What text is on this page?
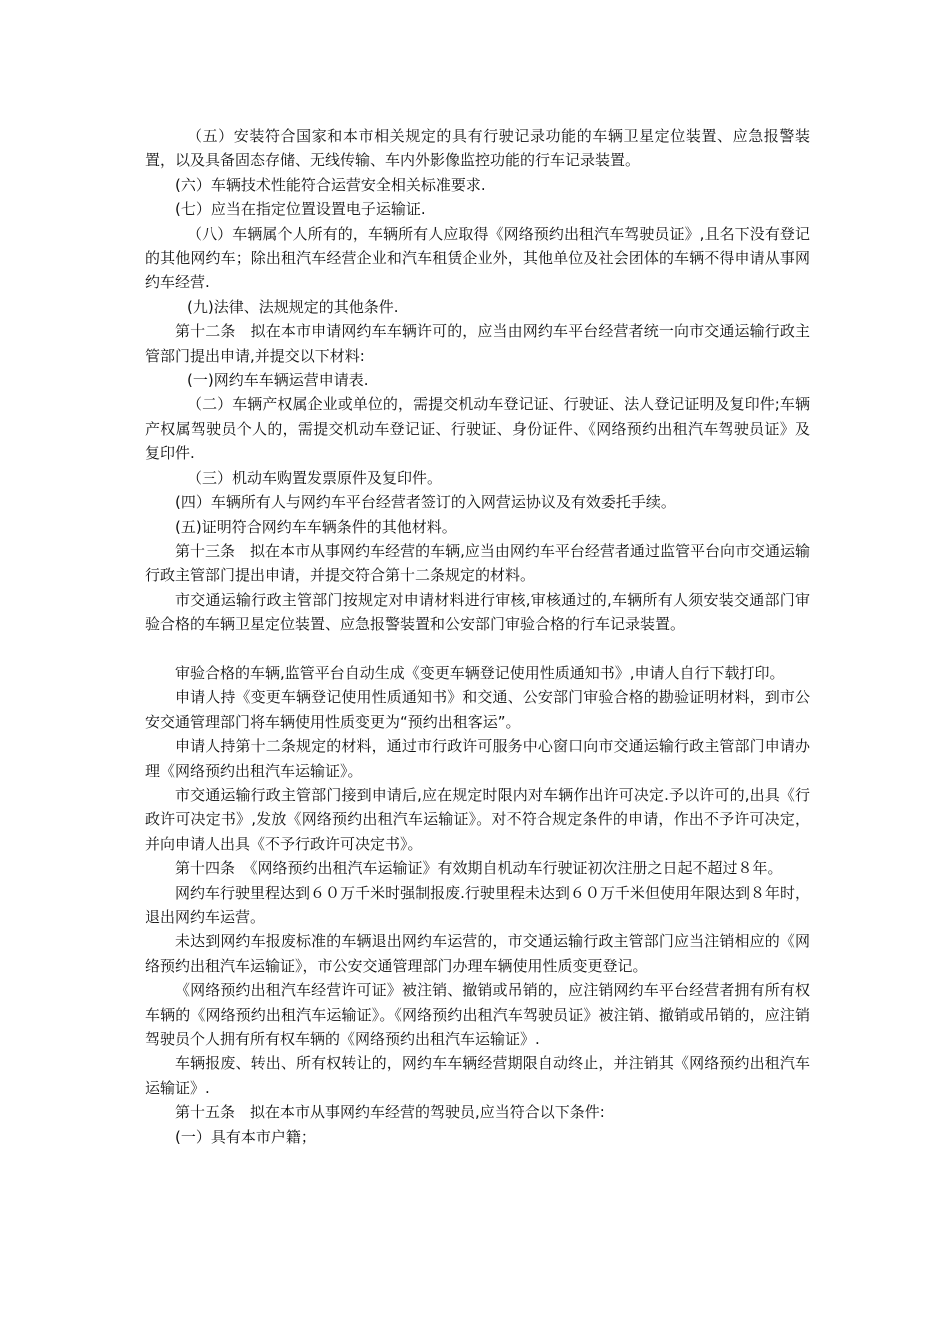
（五）安装符合国家和本市相关规定的具有行驶记录功能的车辆卫星定位装置、应急报警装置，以及具备固态存储、无线传输、车内外影像监控功能的行车记录装置。

(六）车辆技术性能符合运营安全相关标准要求.

(七）应当在指定位置设置电子运输证.

（八）车辆属个人所有的，车辆所有人应取得《网络预约出租汽车驾驶员证》,且名下没有登记的其他网约车；除出租汽车经营企业和汽车租赁企业外，其他单位及社会团体的车辆不得申请从事网约车经营.

(九)法律、法规规定的其他条件.

第十二条　拟在本市申请网约车车辆许可的，应当由网约车平台经营者统一向市交通运输行政主管部门提出申请,并提交以下材料:

(一)网约车车辆运营申请表.

（二）车辆产权属企业或单位的，需提交机动车登记证、行驶证、法人登记证明及复印件;车辆产权属驾驶员个人的，需提交机动车登记证、行驶证、身份证件、《网络预约出租汽车驾驶员证》及复印件.

（三）机动车购置发票原件及复印件。

(四）车辆所有人与网约车平台经营者签订的入网营运协议及有效委托手续。

(五)证明符合网约车车辆条件的其他材料。

第十三条　拟在本市从事网约车经营的车辆,应当由网约车平台经营者通过监管平台向市交通运输行政主管部门提出申请，并提交符合第十二条规定的材料。

市交通运输行政主管部门按规定对申请材料进行审核,审核通过的,车辆所有人须安装交通部门审验合格的车辆卫星定位装置、应急报警装置和公安部门审验合格的行车记录装置。

审验合格的车辆,监管平台自动生成《变更车辆登记使用性质通知书》,申请人自行下载打印。

申请人持《变更车辆登记使用性质通知书》和交通、公安部门审验合格的勘验证明材料，到市公安交通管理部门将车辆使用性质变更为“预约出租客运”。

申请人持第十二条规定的材料，通过市行政许可服务中心窗口向市交通运输行政主管部门申请办理《网络预约出租汽车运输证》。

市交通运输行政主管部门接到申请后,应在规定时限内对车辆作出许可决定.予以许可的,出具《行政许可决定书》,发放《网络预约出租汽车运输证》。对不符合规定条件的申请，作出不予许可决定，并向申请人出具《不予行政许可决定书》。

第十四条　《网络预约出租汽车运输证》有效期自机动车行驶证初次注册之日起不超过８年。

网约车行驶里程达到６０万千米时强制报废.行驶里程未达到６０万千米但使用年限达到８年时，退出网约车运营。

未达到网约车报废标准的车辆退出网约车运营的，市交通运输行政主管部门应当注销相应的《网络预约出租汽车运输证》，市公安交通管理部门办理车辆使用性质变更登记。

《网络预约出租汽车经营许可证》被注销、撤销或吊销的，应注销网约车平台经营者拥有所有权车辆的《网络预约出租汽车运输证》。《网络预约出租汽车驾驶员证》被注销、撤销或吊销的，应注销驾驶员个人拥有所有权车辆的《网络预约出租汽车运输证》.

车辆报废、转出、所有权转让的，网约车车辆经营期限自动终止，并注销其《网络预约出租汽车运输证》.

第十五条　拟在本市从事网约车经营的驾驶员,应当符合以下条件:

(一）具有本市户籍；
